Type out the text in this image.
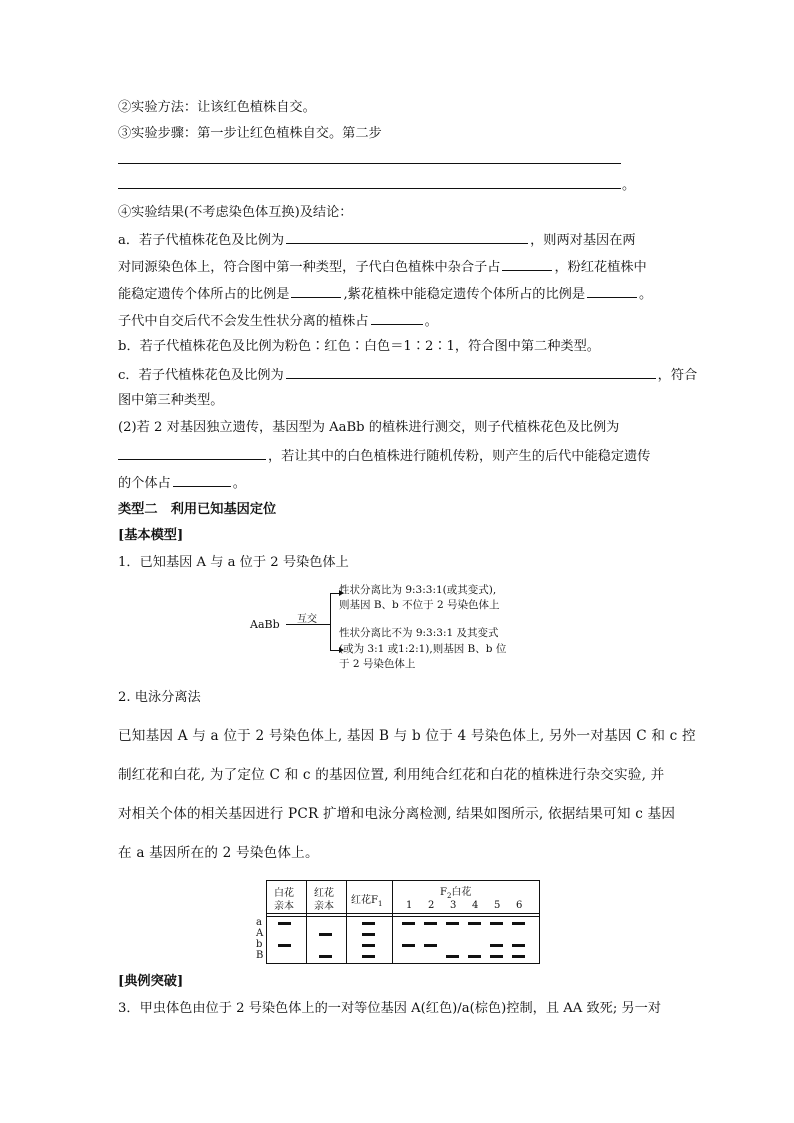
②实验方法：让该红色植株自交。
③实验步骤：第一步让红色植株自交。第二步
。
④实验结果(不考虑染色体互换)及结论：
a．若子代植株花色及比例为	，则两对基因在两
对同源染色体上，符合图中第一种类型，子代白色植株中杂合子占	，粉红花植株中
能稳定遗传个体所占的比例是	,紫花植株中能稳定遗传个体所占的比例是	。
子代中自交后代不会发生性状分离的植株占	。
b．若子代植株花色及比例为粉色∶红色∶白色＝1∶2∶1，符合图中第二种类型。
c．若子代植株花色及比例为	，符合
图中第三种类型。
(2)若 2 对基因独立遗传，基因型为 AaBb 的植株进行测交，则子代植株花色及比例为
，若让其中的白色植株进行随机传粉，则产生的后代中能稳定遗传
的个体占	。
类型二　利用已知基因定位
[基本模型]
1．已知基因 A 与 a 位于 2 号染色体上
AaBb 互交
性状分离比为 9:3:3:1(或其变式),
则基因 B、b 不位于 2 号染色体上
性状分离比不为 9:3:3:1 及其变式
(或为 3:1 或1:2:1),则基因 B、b 位
于 2 号染色体上
2. 电泳分离法
已知基因 A 与 a 位于 2 号染色体上, 基因 B 与 b 位于 4 号染色体上, 另外一对基因 C 和 c 控
制红花和白花, 为了定位 C 和 c 的基因位置, 利用纯合红花和白花的植株进行杂交实验, 并
对相关个体的相关基因进行 PCR 扩增和电泳分离检测, 结果如图所示, 依据结果可知 c 基因
在 a 基因所在的 2 号染色体上。
白花
亲本
红花
亲本
红花$F_1$
$F_2$白花
1 2 3 4 5 6
a
A
b
B
[典例突破]
3．甲虫体色由位于 2 号染色体上的一对等位基因 A(红色)/a(棕色)控制，且 AA 致死; 另一对
